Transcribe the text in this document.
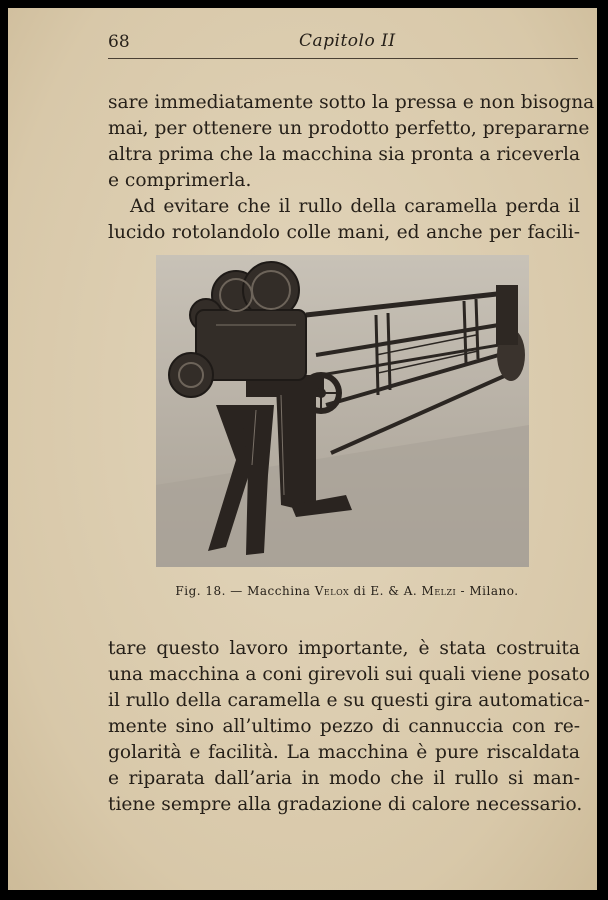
68	Capitolo II

sare immediatamente sotto la pressa e non bisogna
mai, per ottenere un prodotto perfetto, prepararne
altra prima che la macchina sia pronta a riceverla
e comprimerla.
Ad evitare che il rullo della caramella perda il
lucido rotolandolo colle mani, ed anche per facili-

Fig. 18. — Macchina Velox di E. & A. Melzi - Milano.

tare questo lavoro importante, è stata costruita
una macchina a coni girevoli sui quali viene posato
il rullo della caramella e su questi gira automatica-
mente sino all’ultimo pezzo di cannuccia con re-
golarità e facilità. La macchina è pure riscaldata
e riparata dall’aria in modo che il rullo si man-
tiene sempre alla gradazione di calore necessario.
